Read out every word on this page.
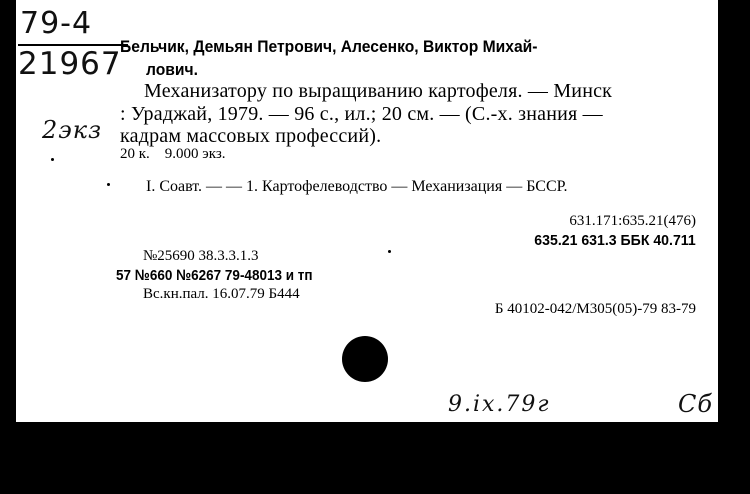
79-4
21967
2экз
Бельчик, Демьян Петрович, Алесенко, Виктор Михай-
лович.
Механизатору по выращиванию картофеля. — Минск
: Ураджай, 1979. — 96 с., ил.; 20 см. — (С.-х. знания —
кадрам массовых профессий).
20 к.    9.000 экз.
I. Соавт. — — 1. Картофелеводство — Механизация — БССР.
631.171:635.21(476)
635.21 631.3 ББК 40.711
№25690 38.3.3.1.3
57 №660 №6267 79-48013 и тп
Вс.кн.пал. 16.07.79 Б444
Б 40102-042/М305(05)-79 83-79
9.ix.79г	Сб
